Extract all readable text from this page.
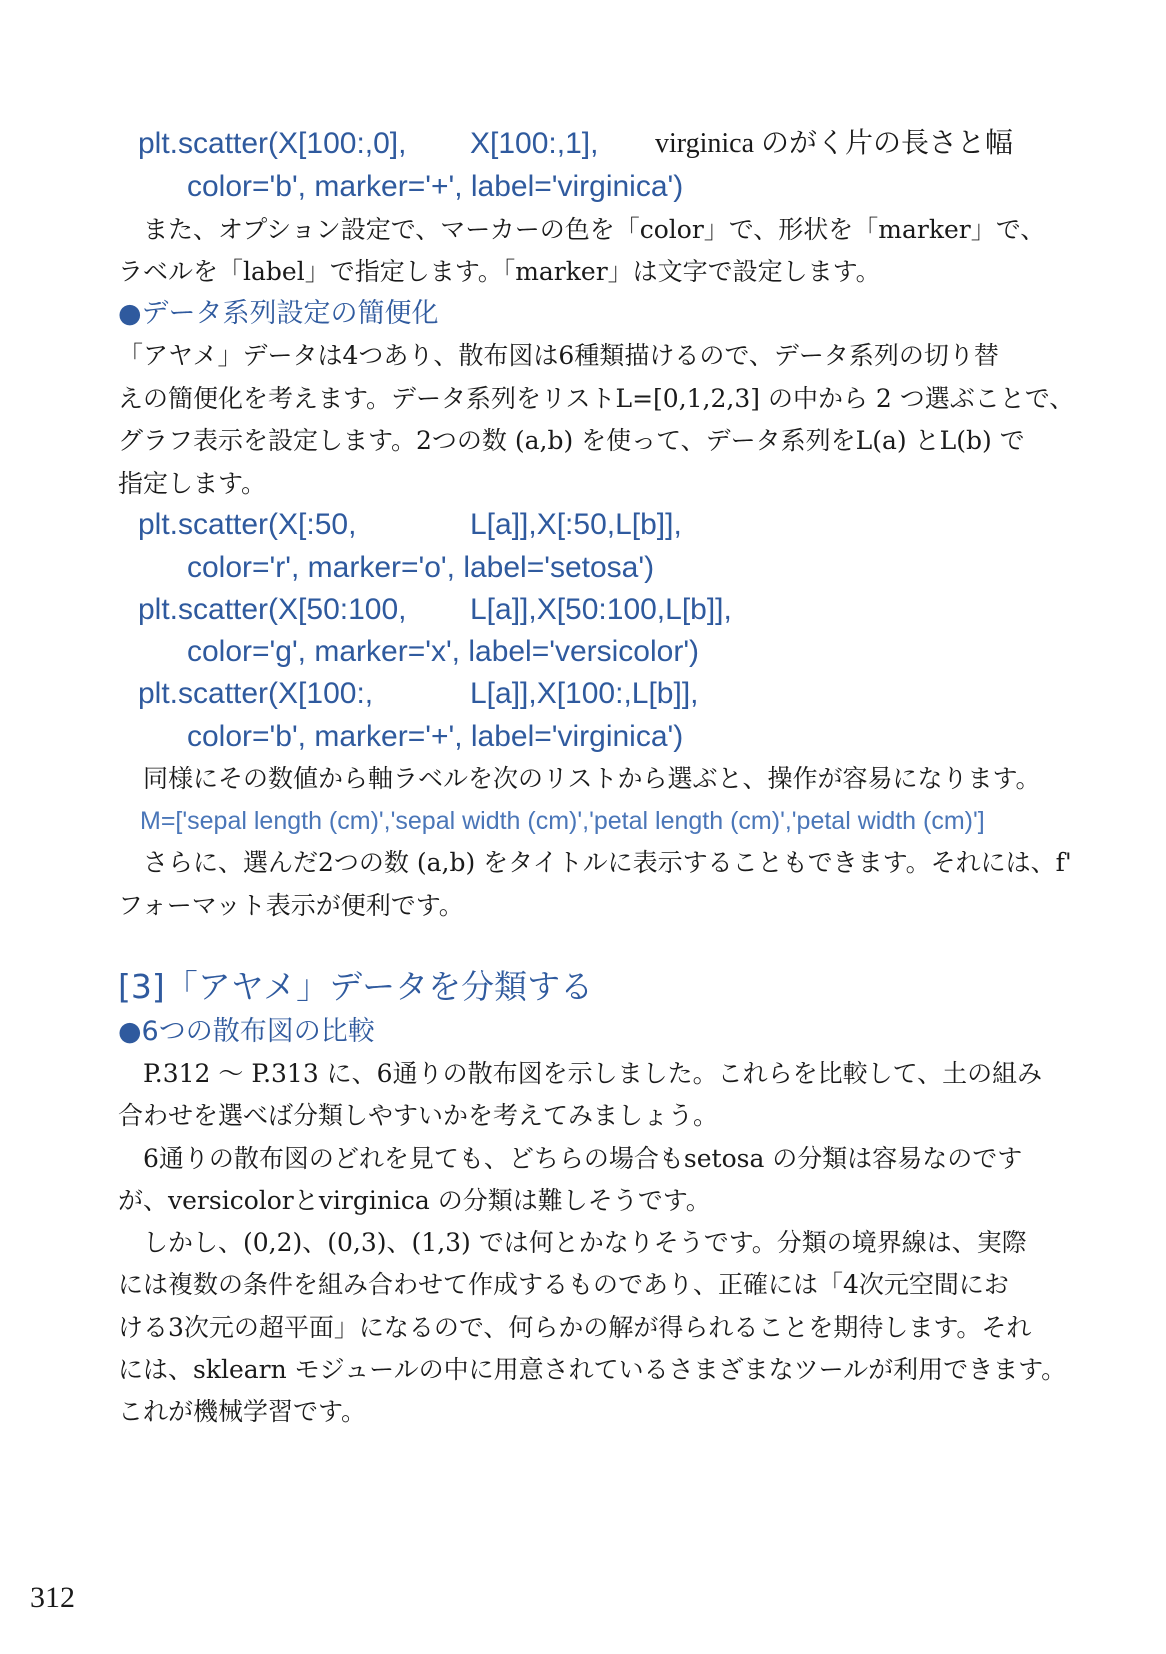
plt.scatter(X[100:,0], X[100:,1], virginica のがく片の長さと幅
color='b', marker='+', label='virginica')
　また、オプション設定で、マーカーの色を「color」で、形状を「marker」で、
ラベルを「label」で指定します。「marker」は文字で設定します。
●データ系列設定の簡便化
「アヤメ」データは4つあり、散布図は6種類描けるので、データ系列の切り替
えの簡便化を考えます。データ系列をリストL=[0,1,2,3] の中から 2 つ選ぶことで、
グラフ表示を設定します。2つの数 (a,b) を使って、データ系列をL(a) とL(b) で
指定します。
plt.scatter(X[:50,	L[a]],X[:50,L[b]],
color='r', marker='o', label='setosa')
plt.scatter(X[50:100, L[a]],X[50:100,L[b]],
color='g', marker='x', label='versicolor')
plt.scatter(X[100:,	L[a]],X[100:,L[b]],
color='b', marker='+', label='virginica')
　同様にその数値から軸ラベルを次のリストから選ぶと、操作が容易になります。
M=['sepal length (cm)','sepal width (cm)','petal length (cm)','petal width (cm)']
　さらに、選んだ2つの数 (a,b) をタイトルに表示することもできます。それには、f'
フォーマット表示が便利です。
[3]「アヤメ」データを分類する
●6つの散布図の比較
　P.312 ～ P.313 に、6通りの散布図を示しました。これらを比較して、土の組み
合わせを選べば分類しやすいかを考えてみましょう。
　6通りの散布図のどれを見ても、どちらの場合もsetosa の分類は容易なのです
が、versicolorとvirginica の分類は難しそうです。
　しかし、(0,2)、(0,3)、(1,3) では何とかなりそうです。分類の境界線は、実際
には複数の条件を組み合わせて作成するものであり、正確には「4次元空間にお
ける3次元の超平面」になるので、何らかの解が得られることを期待します。それ
には、sklearn モジュールの中に用意されているさまざまなツールが利用できます。
これが機械学習です。
312
